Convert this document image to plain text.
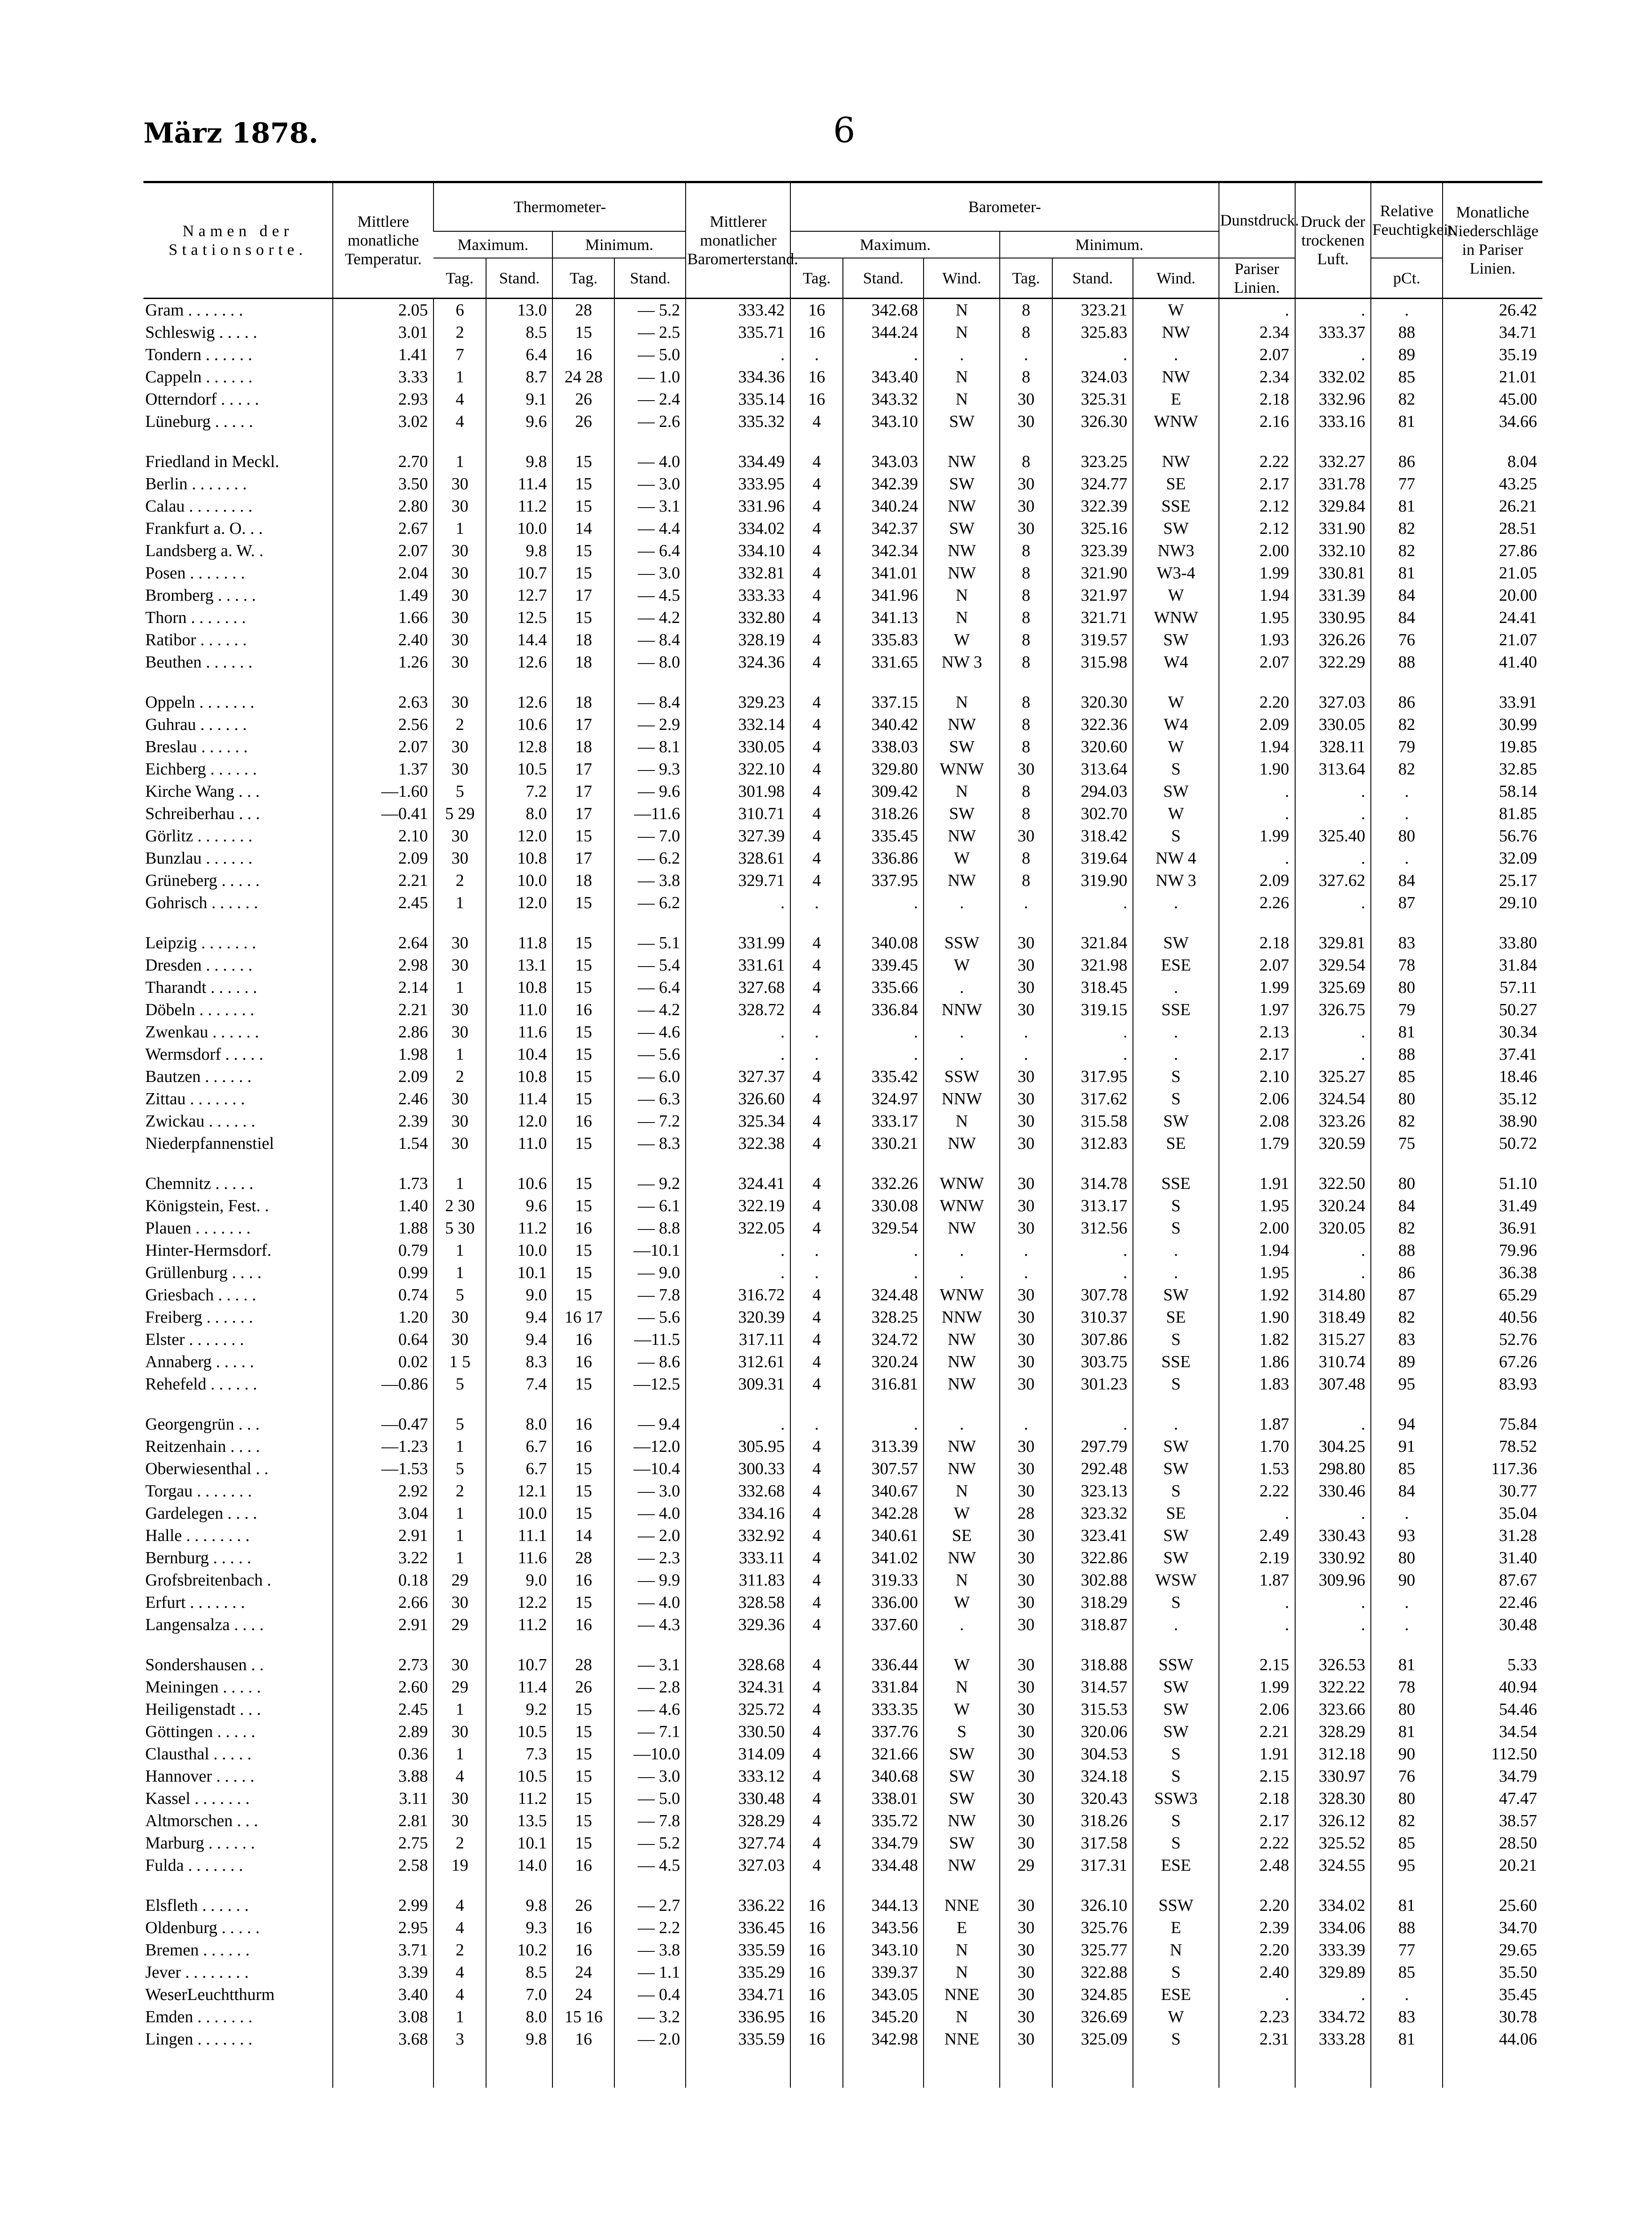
März 1878.	6
Namen der Stationsorte.	Mittlere monatliche Temperatur.	Thermometer-				Mittlerer monatlicher Baromerterstand.	Barometer-						Dunstdruck.	Druck der trockenen Luft.	Relative Feuchtigkeit.	Monatliche Niederschläge in Pariser Linien.
		Maximum.		Minimum.			Maximum.			Minimum.						
		Tag.	Stand.	Tag.	Stand.		Tag.	Stand.	Wind.	Tag.	Stand.	Wind.	Pariser Linien.		pCt.	
Gram . . . . . . .	2.05	6	13.0	28	— 5.2	333.42	16	342.68	N	8	323.21	W	.	.	.	26.42
Schleswig . . . . .	3.01	2	8.5	15	— 2.5	335.71	16	344.24	N	8	325.83	NW	2.34	333.37	88	34.71
Tondern . . . . . .	1.41	7	6.4	16	— 5.0	.	.	.	.	.	.	.	2.07	.	89	35.19
Cappeln . . . . . .	3.33	1	8.7	24 28	— 1.0	334.36	16	343.40	N	8	324.03	NW	2.34	332.02	85	21.01
Otterndorf . . . . .	2.93	4	9.1	26	— 2.4	335.14	16	343.32	N	30	325.31	E	2.18	332.96	82	45.00
Lüneburg . . . . .	3.02	4	9.6	26	— 2.6	335.32	4	343.10	SW	30	326.30	WNW	2.16	333.16	81	34.66

Friedland in Meckl.	2.70	1	9.8	15	— 4.0	334.49	4	343.03	NW	8	323.25	NW	2.22	332.27	86	8.04
Berlin . . . . . . .	3.50	30	11.4	15	— 3.0	333.95	4	342.39	SW	30	324.77	SE	2.17	331.78	77	43.25
Calau . . . . . . . .	2.80	30	11.2	15	— 3.1	331.96	4	340.24	NW	30	322.39	SSE	2.12	329.84	81	26.21
Frankfurt a. O. . .	2.67	1	10.0	14	— 4.4	334.02	4	342.37	SW	30	325.16	SW	2.12	331.90	82	28.51
Landsberg a. W. .	2.07	30	9.8	15	— 6.4	334.10	4	342.34	NW	8	323.39	NW3	2.00	332.10	82	27.86
Posen . . . . . . .	2.04	30	10.7	15	— 3.0	332.81	4	341.01	NW	8	321.90	W3-4	1.99	330.81	81	21.05
Bromberg . . . . .	1.49	30	12.7	17	— 4.5	333.33	4	341.96	N	8	321.97	W	1.94	331.39	84	20.00
Thorn . . . . . . .	1.66	30	12.5	15	— 4.2	332.80	4	341.13	N	8	321.71	WNW	1.95	330.95	84	24.41
Ratibor . . . . . .	2.40	30	14.4	18	— 8.4	328.19	4	335.83	W	8	319.57	SW	1.93	326.26	76	21.07
Beuthen . . . . . .	1.26	30	12.6	18	— 8.0	324.36	4	331.65	NW 3	8	315.98	W4	2.07	322.29	88	41.40

Oppeln . . . . . . .	2.63	30	12.6	18	— 8.4	329.23	4	337.15	N	8	320.30	W	2.20	327.03	86	33.91
Guhrau . . . . . .	2.56	2	10.6	17	— 2.9	332.14	4	340.42	NW	8	322.36	W4	2.09	330.05	82	30.99
Breslau . . . . . .	2.07	30	12.8	18	— 8.1	330.05	4	338.03	SW	8	320.60	W	1.94	328.11	79	19.85
Eichberg . . . . . .	1.37	30	10.5	17	— 9.3	322.10	4	329.80	WNW	30	313.64	S	1.90	313.64	82	32.85
Kirche Wang . . .	—1.60	5	7.2	17	— 9.6	301.98	4	309.42	N	8	294.03	SW	.	.	.	58.14
Schreiberhau . . .	—0.41	5 29	8.0	17	—11.6	310.71	4	318.26	SW	8	302.70	W	.	.	.	81.85
Görlitz . . . . . . .	2.10	30	12.0	15	— 7.0	327.39	4	335.45	NW	30	318.42	S	1.99	325.40	80	56.76
Bunzlau . . . . . .	2.09	30	10.8	17	— 6.2	328.61	4	336.86	W	8	319.64	NW 4	.	.	.	32.09
Grüneberg . . . . .	2.21	2	10.0	18	— 3.8	329.71	4	337.95	NW	8	319.90	NW 3	2.09	327.62	84	25.17
Gohrisch . . . . . .	2.45	1	12.0	15	— 6.2	.	.	.	.	.	.	.	2.26	.	87	29.10

Leipzig . . . . . . .	2.64	30	11.8	15	— 5.1	331.99	4	340.08	SSW	30	321.84	SW	2.18	329.81	83	33.80
Dresden . . . . . .	2.98	30	13.1	15	— 5.4	331.61	4	339.45	W	30	321.98	ESE	2.07	329.54	78	31.84
Tharandt . . . . . .	2.14	1	10.8	15	— 6.4	327.68	4	335.66	.	30	318.45	.	1.99	325.69	80	57.11
Döbeln . . . . . . .	2.21	30	11.0	16	— 4.2	328.72	4	336.84	NNW	30	319.15	SSE	1.97	326.75	79	50.27
Zwenkau . . . . . .	2.86	30	11.6	15	— 4.6	.	.	.	.	.	.	.	2.13	.	81	30.34
Wermsdorf . . . . .	1.98	1	10.4	15	— 5.6	.	.	.	.	.	.	.	2.17	.	88	37.41
Bautzen . . . . . .	2.09	2	10.8	15	— 6.0	327.37	4	335.42	SSW	30	317.95	S	2.10	325.27	85	18.46
Zittau . . . . . . .	2.46	30	11.4	15	— 6.3	326.60	4	324.97	NNW	30	317.62	S	2.06	324.54	80	35.12
Zwickau . . . . . .	2.39	30	12.0	16	— 7.2	325.34	4	333.17	N	30	315.58	SW	2.08	323.26	82	38.90
Niederpfannenstiel	1.54	30	11.0	15	— 8.3	322.38	4	330.21	NW	30	312.83	SE	1.79	320.59	75	50.72

Chemnitz . . . . .	1.73	1	10.6	15	— 9.2	324.41	4	332.26	WNW	30	314.78	SSE	1.91	322.50	80	51.10
Königstein, Fest. .	1.40	2 30	9.6	15	— 6.1	322.19	4	330.08	WNW	30	313.17	S	1.95	320.24	84	31.49
Plauen . . . . . . .	1.88	5 30	11.2	16	— 8.8	322.05	4	329.54	NW	30	312.56	S	2.00	320.05	82	36.91
Hinter-Hermsdorf.	0.79	1	10.0	15	—10.1	.	.	.	.	.	.	.	1.94	.	88	79.96
Grüllenburg . . . .	0.99	1	10.1	15	— 9.0	.	.	.	.	.	.	.	1.95	.	86	36.38
Griesbach . . . . .	0.74	5	9.0	15	— 7.8	316.72	4	324.48	WNW	30	307.78	SW	1.92	314.80	87	65.29
Freiberg . . . . . .	1.20	30	9.4	16 17	— 5.6	320.39	4	328.25	NNW	30	310.37	SE	1.90	318.49	82	40.56
Elster . . . . . . .	0.64	30	9.4	16	—11.5	317.11	4	324.72	NW	30	307.86	S	1.82	315.27	83	52.76
Annaberg . . . . .	0.02	1 5	8.3	16	— 8.6	312.61	4	320.24	NW	30	303.75	SSE	1.86	310.74	89	67.26
Rehefeld . . . . . .	—0.86	5	7.4	15	—12.5	309.31	4	316.81	NW	30	301.23	S	1.83	307.48	95	83.93

Georgengrün . . .	—0.47	5	8.0	16	— 9.4	.	.	.	.	.	.	.	1.87	.	94	75.84
Reitzenhain . . . .	—1.23	1	6.7	16	—12.0	305.95	4	313.39	NW	30	297.79	SW	1.70	304.25	91	78.52
Oberwiesenthal . .	—1.53	5	6.7	15	—10.4	300.33	4	307.57	NW	30	292.48	SW	1.53	298.80	85	117.36
Torgau . . . . . . .	2.92	2	12.1	15	— 3.0	332.68	4	340.67	N	30	323.13	S	2.22	330.46	84	30.77
Gardelegen . . . .	3.04	1	10.0	15	— 4.0	334.16	4	342.28	W	28	323.32	SE	.	.	.	35.04
Halle . . . . . . . .	2.91	1	11.1	14	— 2.0	332.92	4	340.61	SE	30	323.41	SW	2.49	330.43	93	31.28
Bernburg . . . . .	3.22	1	11.6	28	— 2.3	333.11	4	341.02	NW	30	322.86	SW	2.19	330.92	80	31.40
Grofsbreitenbach .	0.18	29	9.0	16	— 9.9	311.83	4	319.33	N	30	302.88	WSW	1.87	309.96	90	87.67
Erfurt . . . . . . .	2.66	30	12.2	15	— 4.0	328.58	4	336.00	W	30	318.29	S	.	.	.	22.46
Langensalza . . . .	2.91	29	11.2	16	— 4.3	329.36	4	337.60	.	30	318.87	.	.	.	.	30.48

Sondershausen . .	2.73	30	10.7	28	— 3.1	328.68	4	336.44	W	30	318.88	SSW	2.15	326.53	81	5.33
Meiningen . . . . .	2.60	29	11.4	26	— 2.8	324.31	4	331.84	N	30	314.57	SW	1.99	322.22	78	40.94
Heiligenstadt . . .	2.45	1	9.2	15	— 4.6	325.72	4	333.35	W	30	315.53	SW	2.06	323.66	80	54.46
Göttingen . . . . .	2.89	30	10.5	15	— 7.1	330.50	4	337.76	S	30	320.06	SW	2.21	328.29	81	34.54
Clausthal . . . . .	0.36	1	7.3	15	—10.0	314.09	4	321.66	SW	30	304.53	S	1.91	312.18	90	112.50
Hannover . . . . .	3.88	4	10.5	15	— 3.0	333.12	4	340.68	SW	30	324.18	S	2.15	330.97	76	34.79
Kassel . . . . . . .	3.11	30	11.2	15	— 5.0	330.48	4	338.01	SW	30	320.43	SSW3	2.18	328.30	80	47.47
Altmorschen . . .	2.81	30	13.5	15	— 7.8	328.29	4	335.72	NW	30	318.26	S	2.17	326.12	82	38.57
Marburg . . . . . .	2.75	2	10.1	15	— 5.2	327.74	4	334.79	SW	30	317.58	S	2.22	325.52	85	28.50
Fulda . . . . . . .	2.58	19	14.0	16	— 4.5	327.03	4	334.48	NW	29	317.31	ESE	2.48	324.55	95	20.21

Elsfleth . . . . . .	2.99	4	9.8	26	— 2.7	336.22	16	344.13	NNE	30	326.10	SSW	2.20	334.02	81	25.60
Oldenburg . . . . .	2.95	4	9.3	16	— 2.2	336.45	16	343.56	E	30	325.76	E	2.39	334.06	88	34.70
Bremen . . . . . .	3.71	2	10.2	16	— 3.8	335.59	16	343.10	N	30	325.77	N	2.20	333.39	77	29.65
Jever . . . . . . . .	3.39	4	8.5	24	— 1.1	335.29	16	339.37	N	30	322.88	S	2.40	329.89	85	35.50
WeserLeuchtthurm	3.40	4	7.0	24	— 0.4	334.71	16	343.05	NNE	30	324.85	ESE	.	.	.	35.45
Emden . . . . . . .	3.08	1	8.0	15 16	— 3.2	336.95	16	345.20	N	30	326.69	W	2.23	334.72	83	30.78
Lingen . . . . . . .	3.68	3	9.8	16	— 2.0	335.59	16	342.98	NNE	30	325.09	S	2.31	333.28	81	44.06
